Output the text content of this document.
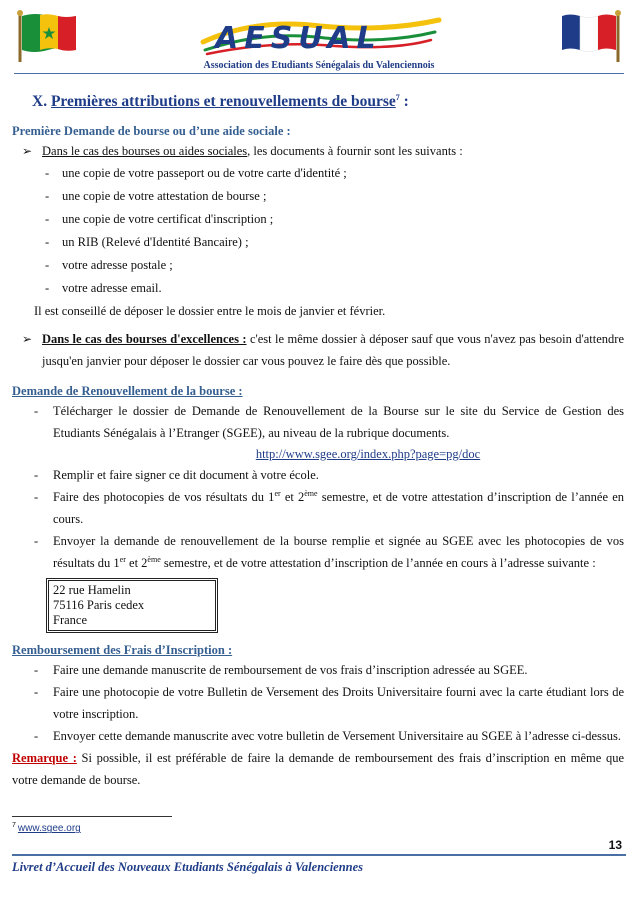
AESUAL
Association des Etudiants Sénégalais du Valenciennois
X. Premières attributions et renouvellements de bourse$^7$ :

Première Demande de bourse ou d’une aide sociale :

➢ Dans le cas des bourses ou aides sociales, les documents à fournir sont les suivants :
- une copie de votre passeport ou de votre carte d'identité ;
- une copie de votre attestation de bourse ;
- une copie de votre certificat d'inscription ;
- un RIB (Relevé d'Identité Bancaire) ;
- votre adresse postale ;
- votre adresse email.

Il est conseillé de déposer le dossier entre le mois de janvier et février.

➢ Dans le cas des bourses d'excellences : c'est le même dossier à déposer sauf que vous n'avez pas besoin d'attendre jusqu'en janvier pour déposer le dossier car vous pouvez le faire dès que possible.

Demande de Renouvellement de la bourse :

- Télécharger le dossier de Demande de Renouvellement de la Bourse sur le site du Service de Gestion des Etudiants Sénégalais à l’Etranger (SGEE), au niveau de la rubrique documents.
http://www.sgee.org/index.php?page=pg/doc
- Remplir et faire signer ce dit document à votre école.
- Faire des photocopies de vos résultats du 1er et 2ème semestre, et de votre attestation d’inscription de l’année en cours.
- Envoyer la demande de renouvellement de la bourse remplie et signée au SGEE avec les photocopies de vos résultats du 1er et 2ème semestre, et de votre attestation d’inscription de l’année en cours à l’adresse suivante :
22 rue Hamelin
75116 Paris cedex
France

Remboursement des Frais d’Inscription :

- Faire une demande manuscrite de remboursement de vos frais d’inscription adressée au SGEE.
- Faire une photocopie de votre Bulletin de Versement des Droits Universitaire fourni avec la carte étudiant lors de votre inscription.
- Envoyer cette demande manuscrite avec votre bulletin de Versement Universitaire au SGEE à l’adresse ci-dessus.

Remarque : Si possible, il est préférable de faire la demande de remboursement des frais d’inscription en même que votre demande de bourse.

$^7$ www.sgee.org
13
Livret d’Accueil des Nouveaux Etudiants Sénégalais à Valenciennes
